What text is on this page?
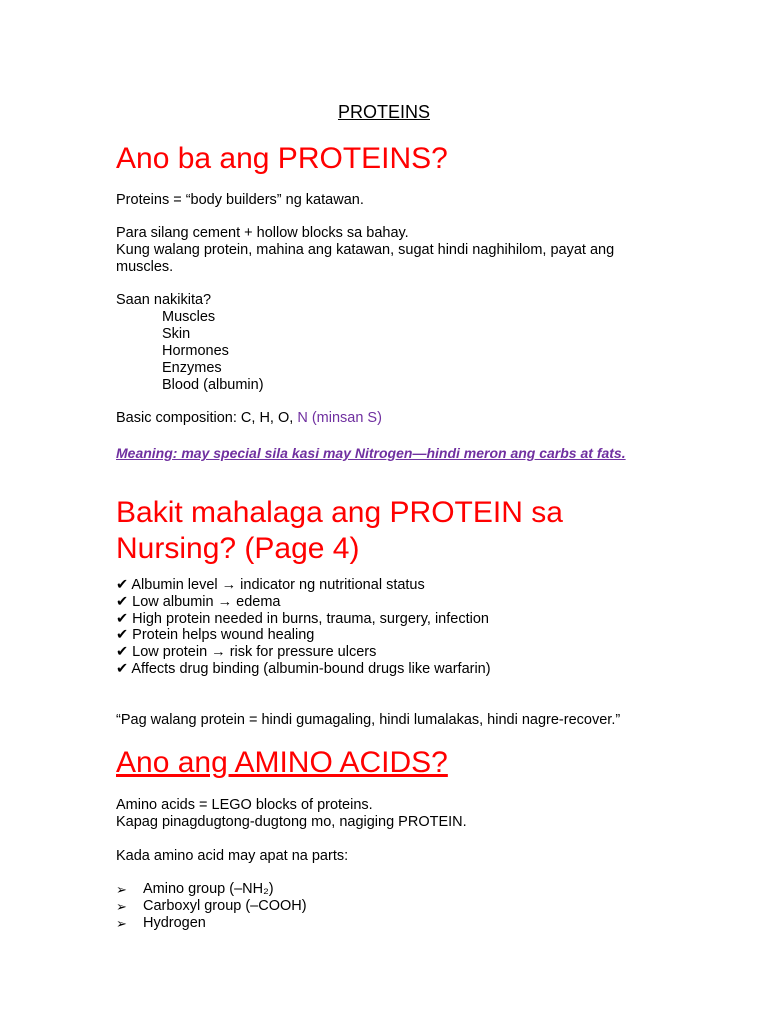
PROTEINS
Ano ba ang PROTEINS?

Proteins = “body builders” ng katawan.

Para silang cement + hollow blocks sa bahay.

Kung walang protein, mahina ang katawan, sugat hindi naghihilom, payat ang

muscles.

Saan nakikita?

Muscles

Skin

Hormones

Enzymes

Blood (albumin)

Basic composition: C, H, O, N (minsan S)

Meaning: may special sila kasi may Nitrogen—hindi meron ang carbs at fats.

Bakit mahalaga ang PROTEIN sa
Nursing? (Page 4)
✔ Albumin level → indicator ng nutritional status
✔ Low albumin → edema
✔ High protein needed in burns, trauma, surgery, infection
✔ Protein helps wound healing
✔ Low protein → risk for pressure ulcers
✔ Affects drug binding (albumin-bound drugs like warfarin)

“Pag walang protein = hindi gumagaling, hindi lumalakas, hindi nagre-recover.”

Ano ang AMINO ACIDS?

Amino acids = LEGO blocks of proteins.

Kapag pinagdugtong-dugtong mo, nagiging PROTEIN.

Kada amino acid may apat na parts:

➢	Amino group (–NH₂)
➢	Carboxyl group (–COOH)
➢	Hydrogen
